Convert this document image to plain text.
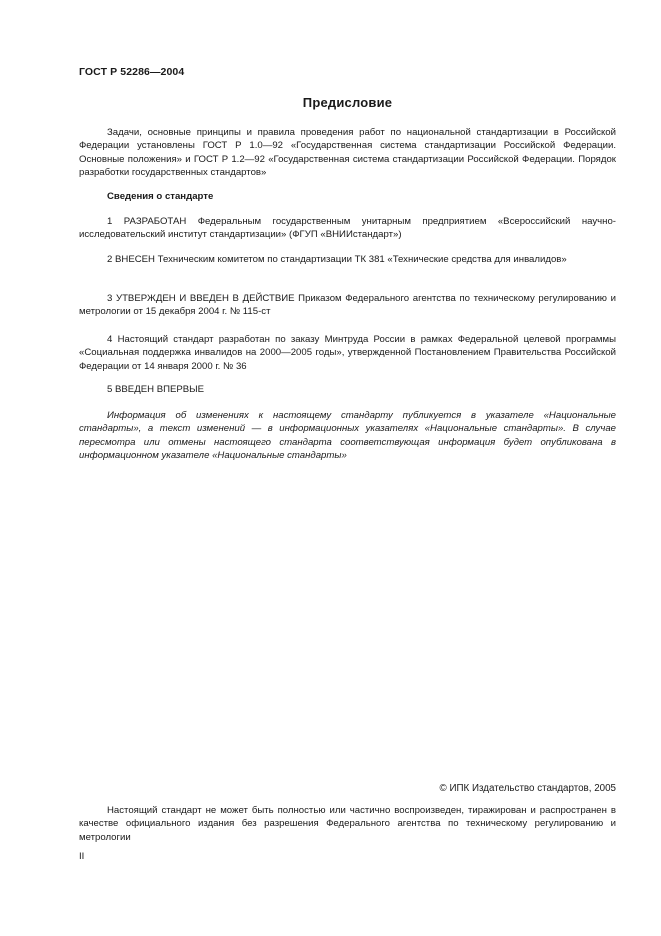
ГОСТ Р 52286—2004
Предисловие

Задачи, основные принципы и правила проведения работ по национальной стандартизации в Российской Федерации установлены ГОСТ Р 1.0—92 «Государственная система стандартизации Российской Федерации. Основные положения» и ГОСТ Р 1.2—92 «Государственная система стандартизации Российской Федерации. Порядок разработки государственных стандартов»

Сведения о стандарте

1 РАЗРАБОТАН Федеральным государственным унитарным предприятием «Всероссийский научно-исследовательский институт стандартизации» (ФГУП «ВНИИстандарт»)

2 ВНЕСЕН Техническим комитетом по стандартизации ТК 381 «Технические средства для инвалидов»

3 УТВЕРЖДЕН И ВВЕДЕН В ДЕЙСТВИЕ Приказом Федерального агентства по техническому регулированию и метрологии от 15 декабря 2004 г. № 115-ст

4 Настоящий стандарт разработан по заказу Минтруда России в рамках Федеральной целевой программы «Социальная поддержка инвалидов на 2000—2005 годы», утвержденной Постановлением Правительства Российской Федерации от 14 января 2000 г. № 36

5 ВВЕДЕН ВПЕРВЫЕ

Информация об изменениях к настоящему стандарту публикуется в указателе «Национальные стандарты», а текст изменений — в информационных указателях «Национальные стандарты». В случае пересмотра или отмены настоящего стандарта соответствующая информация будет опубликована в информационном указателе «Национальные стандарты»

© ИПК Издательство стандартов, 2005

Настоящий стандарт не может быть полностью или частично воспроизведен, тиражирован и распространен в качестве официального издания без разрешения Федерального агентства по техническому регулированию и метрологии

II
